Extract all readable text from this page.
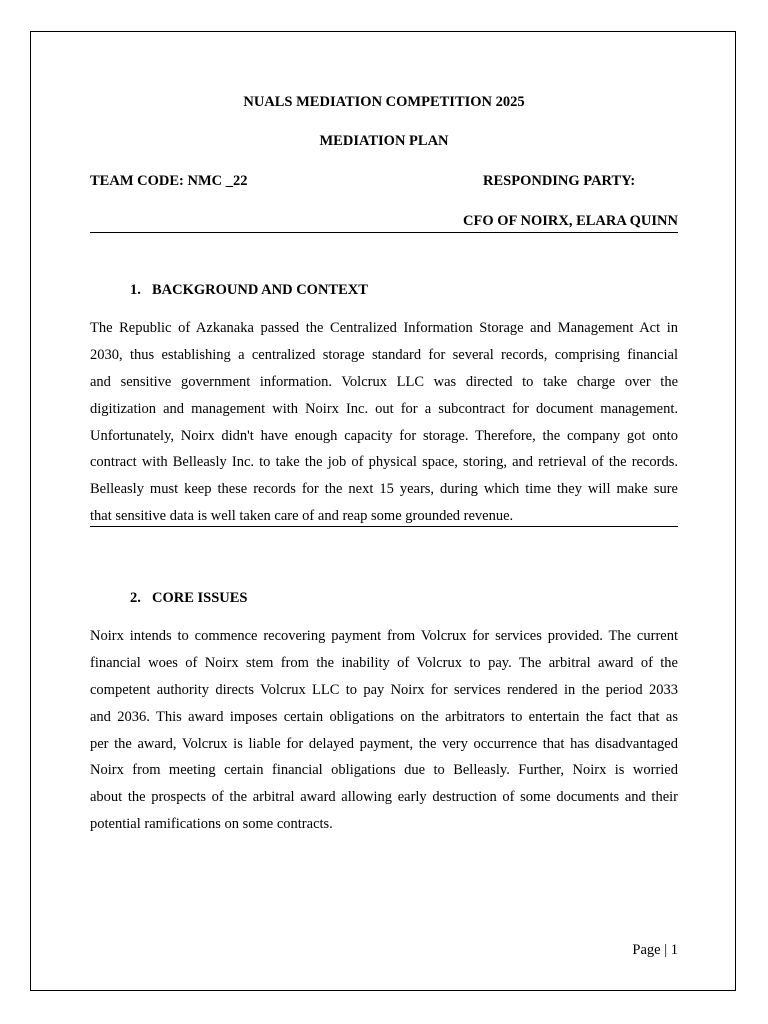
NUALS MEDIATION COMPETITION 2025
MEDIATION PLAN
TEAM CODE: NMC _22	RESPONDING PARTY:
CFO OF NOIRX, ELARA QUINN
1. BACKGROUND AND CONTEXT
The Republic of Azkanaka passed the Centralized Information Storage and Management Act in
2030, thus establishing a centralized storage standard for several records, comprising financial
and sensitive government information. Volcrux LLC was directed to take charge over the
digitization and management with Noirx Inc. out for a subcontract for document management.
Unfortunately, Noirx didn't have enough capacity for storage. Therefore, the company got onto
contract with Belleasly Inc. to take the job of physical space, storing, and retrieval of the records.
Belleasly must keep these records for the next 15 years, during which time they will make sure
that sensitive data is well taken care of and reap some grounded revenue.
2. CORE ISSUES
Noirx intends to commence recovering payment from Volcrux for services provided. The current
financial woes of Noirx stem from the inability of Volcrux to pay. The arbitral award of the
competent authority directs Volcrux LLC to pay Noirx for services rendered in the period 2033
and 2036. This award imposes certain obligations on the arbitrators to entertain the fact that as
per the award, Volcrux is liable for delayed payment, the very occurrence that has disadvantaged
Noirx from meeting certain financial obligations due to Belleasly. Further, Noirx is worried
about the prospects of the arbitral award allowing early destruction of some documents and their
potential ramifications on some contracts.
Page | 1
